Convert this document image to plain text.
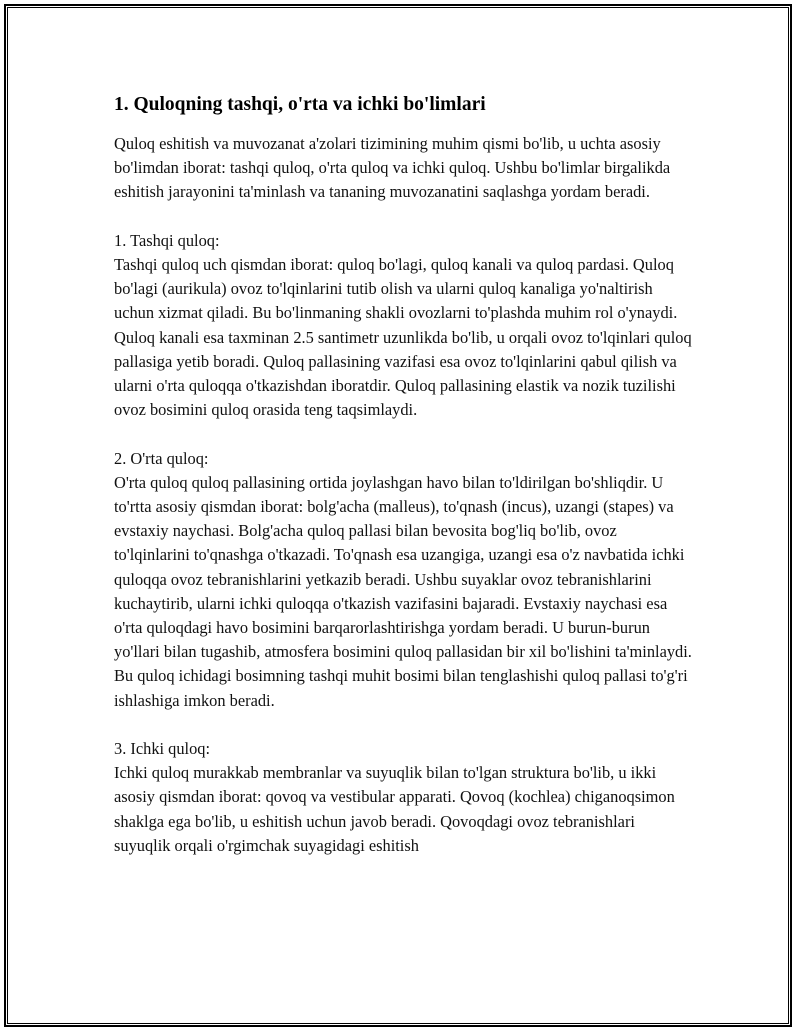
1. Quloqning tashqi, o'rta va ichki bo'limlari

Quloq eshitish va muvozanat a'zolari tizimining muhim qismi bo'lib, u uchta asosiy bo'limdan iborat: tashqi quloq, o'rta quloq va ichki quloq. Ushbu bo'limlar birgalikda eshitish jarayonini ta'minlash va tananing muvozanatini saqlashga yordam beradi.

1. Tashqi quloq:

Tashqi quloq uch qismdan iborat: quloq bo'lagi, quloq kanali va quloq pardasi. Quloq bo'lagi (aurikula) ovoz to'lqinlarini tutib olish va ularni quloq kanaliga yo'naltirish uchun xizmat qiladi. Bu bo'linmaning shakli ovozlarni to'plashda muhim rol o'ynaydi. Quloq kanali esa taxminan 2.5 santimetr uzunlikda bo'lib, u orqali ovoz to'lqinlari quloq pallasiga yetib boradi. Quloq pallasining vazifasi esa ovoz to'lqinlarini qabul qilish va ularni o'rta quloqqa o'tkazishdan iboratdir. Quloq pallasining elastik va nozik tuzilishi ovoz bosimini quloq orasida teng taqsimlaydi.

2. O'rta quloq:

O'rta quloq quloq pallasining ortida joylashgan havo bilan to'ldirilgan bo'shliqdir. U to'rtta asosiy qismdan iborat: bolg'acha (malleus), to'qnash (incus), uzangi (stapes) va evstaxiy naychasi. Bolg'acha quloq pallasi bilan bevosita bog'liq bo'lib, ovoz to'lqinlarini to'qnashga o'tkazadi. To'qnash esa uzangiga, uzangi esa o'z navbatida ichki quloqqa ovoz tebranishlarini yetkazib beradi. Ushbu suyaklar ovoz tebranishlarini kuchaytirib, ularni ichki quloqqa o'tkazish vazifasini bajaradi. Evstaxiy naychasi esa o'rta quloqdagi havo bosimini barqarorlashtirishga yordam beradi. U burun-burun yo'llari bilan tugashib, atmosfera bosimini quloq pallasidan bir xil bo'lishini ta'minlaydi. Bu quloq ichidagi bosimning tashqi muhit bosimi bilan tenglashishi quloq pallasi to'g'ri ishlashiga imkon beradi.

3. Ichki quloq:

Ichki quloq murakkab membranlar va suyuqlik bilan to'lgan struktura bo'lib, u ikki asosiy qismdan iborat: qovoq va vestibular apparati. Qovoq (kochlea) chiganoqsimon shaklga ega bo'lib, u eshitish uchun javob beradi. Qovoqdagi ovoz tebranishlari suyuqlik orqali o'rgimchak suyagidagi eshitish
